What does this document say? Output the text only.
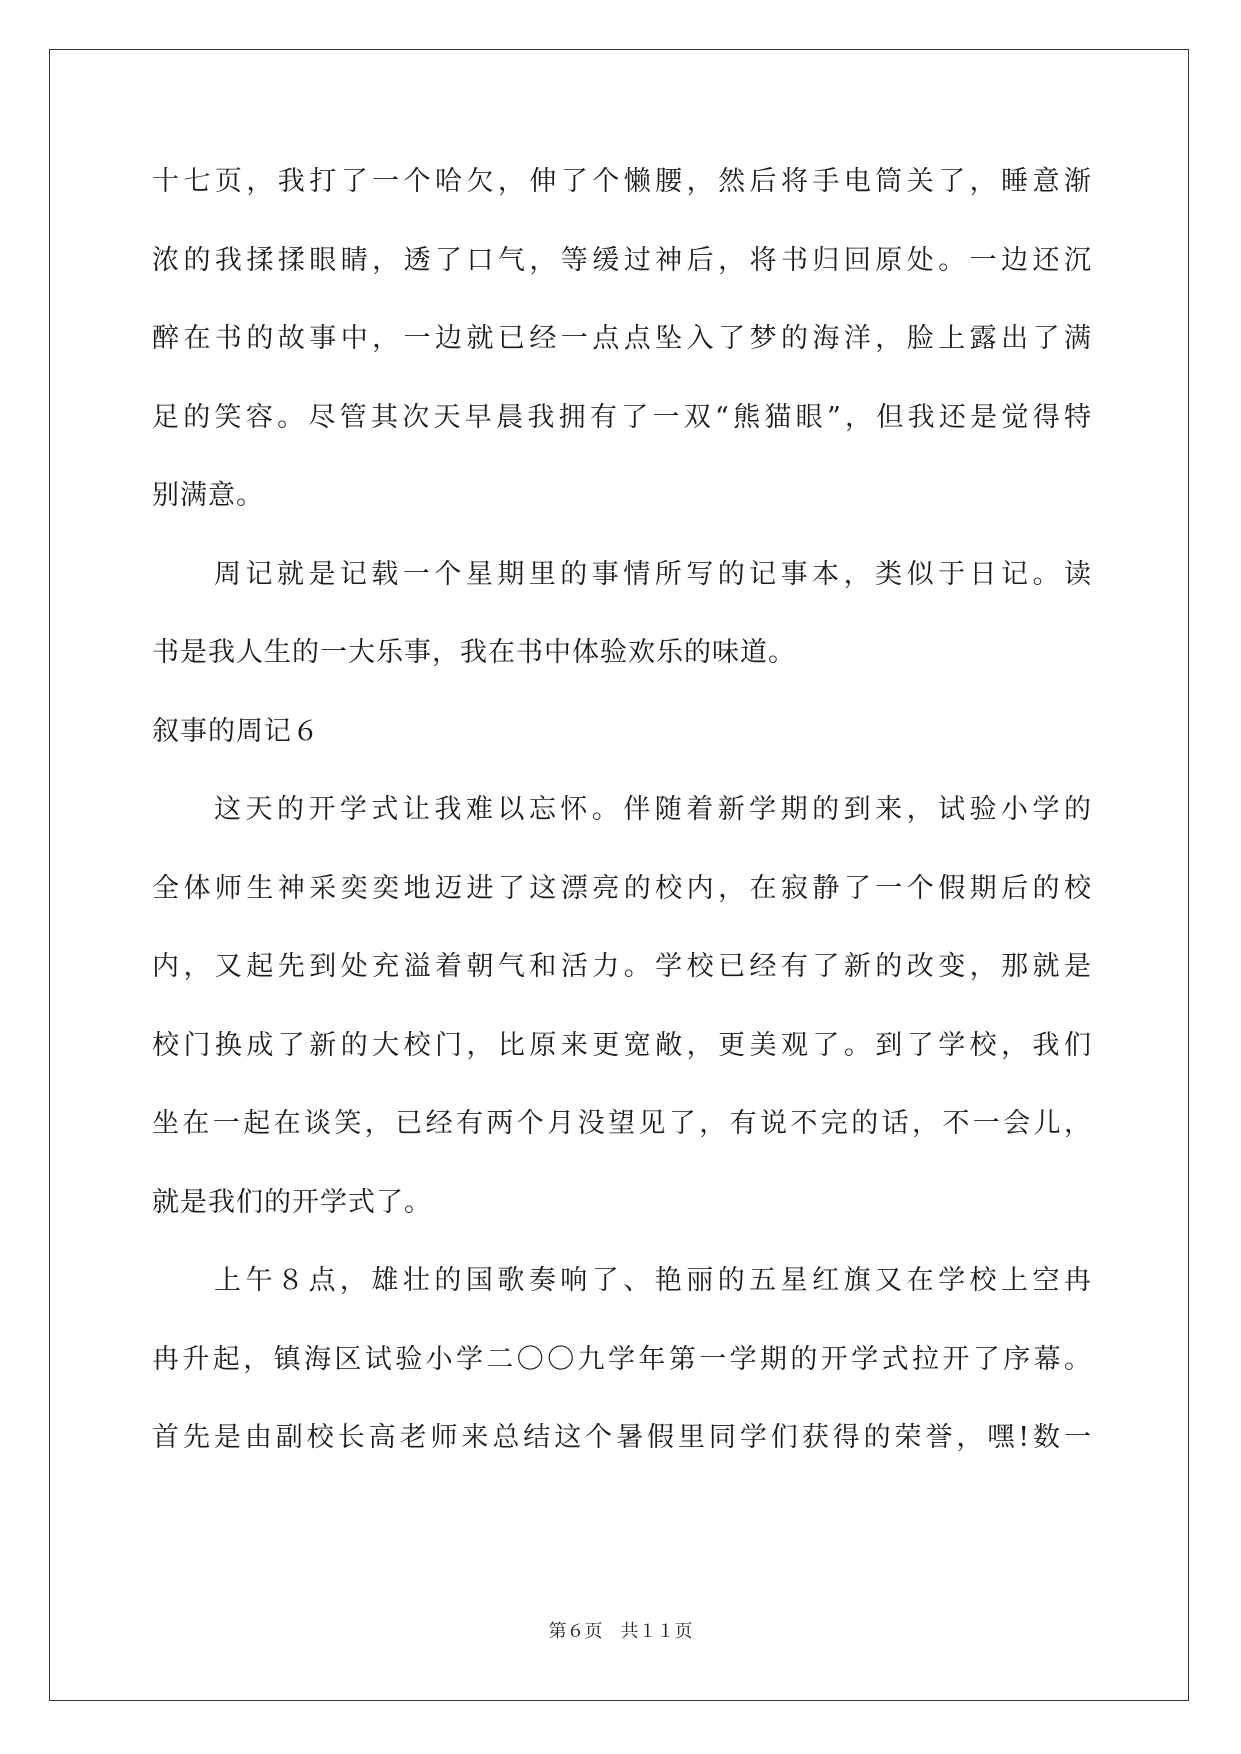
十七页，我打了一个哈欠，伸了个懒腰，然后将手电筒关了，睡意渐
浓的我揉揉眼睛，透了口气，等缓过神后，将书归回原处。一边还沉
醉在书的故事中，一边就已经一点点坠入了梦的海洋，脸上露出了满
足的笑容。尽管其次天早晨我拥有了一双“熊猫眼”，但我还是觉得特
别满意。
周记就是记载一个星期里的事情所写的记事本，类似于日记。读
书是我人生的一大乐事，我在书中体验欢乐的味道。
叙事的周记６
这天的开学式让我难以忘怀。伴随着新学期的到来，试验小学的
全体师生神采奕奕地迈进了这漂亮的校内，在寂静了一个假期后的校
内，又起先到处充溢着朝气和活力。学校已经有了新的改变，那就是
校门换成了新的大校门，比原来更宽敞，更美观了。到了学校，我们
坐在一起在谈笑，已经有两个月没望见了，有说不完的话，不一会儿，
就是我们的开学式了。
上午８点，雄壮的国歌奏响了、艳丽的五星红旗又在学校上空冉
冉升起，镇海区试验小学二〇〇九学年第一学期的开学式拉开了序幕。
首先是由副校长高老师来总结这个暑假里同学们获得的荣誉，嘿!数一
第６页 共１１页
